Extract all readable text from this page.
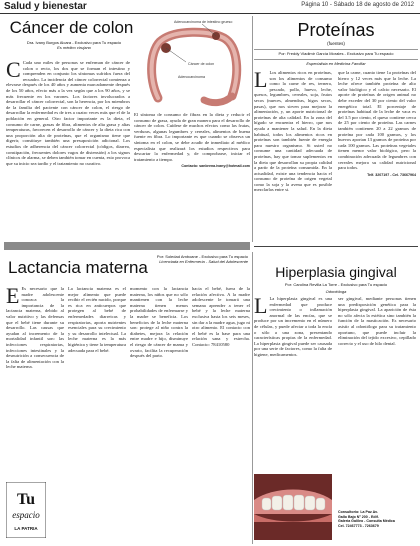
Salud y bienestar	Página 10 - Sábado 18 de agosto de 2012
Cáncer de colon
Dra. Ivany Burgos Alcara - Exclusivo para Tu espacio
Es médico cirujano
C Cada uno miles de personas se enferman de cáncer de colon o recto, los dos que se forman el intestino y comprenden en conjunto los síntomas sufridos fuera del recuadro. La incidencia del cáncer colorrectal comienza a elevarse después de los 40 años y aumenta marcadamente después de los 50 años, efecto más a la vez según que a los 90 años, y se más frecuente en los varones. Los factores involucrados a desarrollar el cáncer colorrectal, son la herencia, por los miembros de la familia del paciente con cáncer de colon, el riesgo de desarrollar la enfermedad es de tres a cuatro veces más que el de la población en general. Otro factor importante es la dieta, el consumo de carne, grasas de fibra, alimentos de alta grasa y altas temperaturas, favorecen el desarrollo de cáncer y la dieta rica con una proporción alta de proteínas, que el organismo tiene que digerir, constituye también una presuposición adicional. Los estudios de adherencia del cáncer colorrectal (códigos, diarrea, constipación, frecuentes dolores vagos de distensión) a los signos clínicos de alarma, se deben también tomar en cuenta, esto provoca que su inicio sea tardío y el tratamiento no curativo.
Cáncer de colon
Adenocarcinoma de intestino grueso
Adenocarcinoma
El síntoma de consumo de fibras en la dieta y reducir el consumo de grasa, ayuda de gran manera para el desarrollo de cáncer de colon. Cuídese de muchos efectos como las frutas, verduras, algunas legumbres y cereales, alimentos de buena fuente en fibra. Lo importante es que cuando se observa un síntoma en el colon, se debe acudir de inmediato al médico especialista que realizará los estudios respectivos para descartar la enfermedad y, de comprobarse, iniciar el tratamiento a tiempo.
Contacto: sanbrena.ivany@hotmail.com
Proteínas
(fuentes)
Por: Freddy Vladimir García Morales - Exclusivo para Tu espacio
Especialista en Medicina Familiar
L Los alimentos ricos en proteínas, son los alimentos de consumo como la carne de res, ternera, pescado, pollo, huevo, leche, quesos, legumbres, cereales, soja, frutos secos (nueces, almendras, higos secos, pasas), que nos sirven para mejorar la alimentación, y, un aporte nutricional de proteínas de alta calidad. En la zona del hígado se encuentra el hierro, que nos ayuda a mantener la salud. En la dieta habitual, todos los alimentos ricos en proteínas son también fuente de energía para nuestro organismo. Si usted no consume una cantidad adecuada de proteínas, hay que tomar suplementos en la dieta que desarrollan su propia calidad a partir de la proteína consumida. En la actualidad, existe una tendencia hacia el consumo de proteína de origen vegetal como la soja y la avena que es posible mezclarlas entre si.
que la carne, cuanto tiene 1a proteínas del hierro y 12 veces más que la leche. La leche ofrece también proteína de alto valor biológico y el calcio necesario. El aporte de proteínas de origen animal no debe exceder del 30 por ciento del valor energético total. El porcentaje de proteínas habitual de la leche de vaca es del 3.5 por ciento, el queso contiene cerca de 25 por ciento de proteína. Las carnes también contienen 20 a 22 gramos de proteína por cada 100 gramos, y los huevos aportan 13 gramos de proteína por cada 100 gramos. Las proteínas vegetales tienen menor valor biológico, pero la combinación adecuada de legumbres con cereales mejora su calidad nutricional para todos.
Telf. 3207197 - Cel. 73667964
Sexo
Lactancia materna
Por: Soledad Amboane - Exclusivo para Tu espacio
Licenciada en Enfermería - Salud del Adolescente
E Es necesario que la madre adolescente conozca la importancia de la lactancia materna, debido al valor nutritivo y las defensas que el bebé tiene durante su desarrollo. Las causas que ayudan al incremento de la mortalidad infantil son: las infecciones respiratorias, infecciones intestinales y la desnutrición a consecuencia de la falta de alimentación con la leche materna.
La lactancia materna es el mejor alimento que puede recibir el recién nacido, porque es rica en anticuerpos que protegen al bebé de enfermedades diarreicas y respiratorias, aporta nutrientes esenciales para su crecimiento y su desarrollo intelectual. La leche materna es la más higiénica y tiene la temperatura adecuada para el bebé.
momento con la lactancia materna, los niños que no sólo mantienen con la leche materna tienen menos probabilidades de enfermarse y la madre se beneficia. Los beneficios de la leche materna son: protege al niño contra la diabetes, mejora la relación entre madre e hijo, disminuye el riesgo de cáncer de mama y ovario, facilita la recuperación después del parto.
hacia el bebé, fuera de la relación afectiva. A la madre adolescente le tomará una semana aprender a tener el bebé y la leche materna exclusiva hasta los seis meses, sin dar a la madre agua, jugo ni otro alimento. El contacto con el bebé es la base para una relación sana y estrecha. Contacto: 78410580
Tu
espacio
LA PATRIA
Hiperplasia gingival
Por: Carolina Revilla La Torre - Exclusivo para Tu espacio
Odontóloga
L La hiperplasia gingival es una enfermedad que produce crecimiento o inflamación anormal de las encías, que se produce por un incremento en el número de células, y puede afectar a toda la encía o sólo a una zona, presentando características propias de la enfermedad. La hiperplasia gingival puede ser causada por una serie de factores, como la falta de higiene, medicamentos.
ser gingival, mediante personas tienen una predisposición genética para la hiperplasia gingival. La aparición de ésta no sólo afecta la estética sino también la función de la masticación. Es necesario asistir al odontólogo para su tratamiento oportuno, que puede incluir la eliminación del tejido excesivo, cepillado correcto y el uso de hilo dental.
Consultorio: La Paz Av.
Gallo Bajo N° 200 - Edif.
Galeria Galileo - Consulta Médica
Cel. 72467773 - 7263679
